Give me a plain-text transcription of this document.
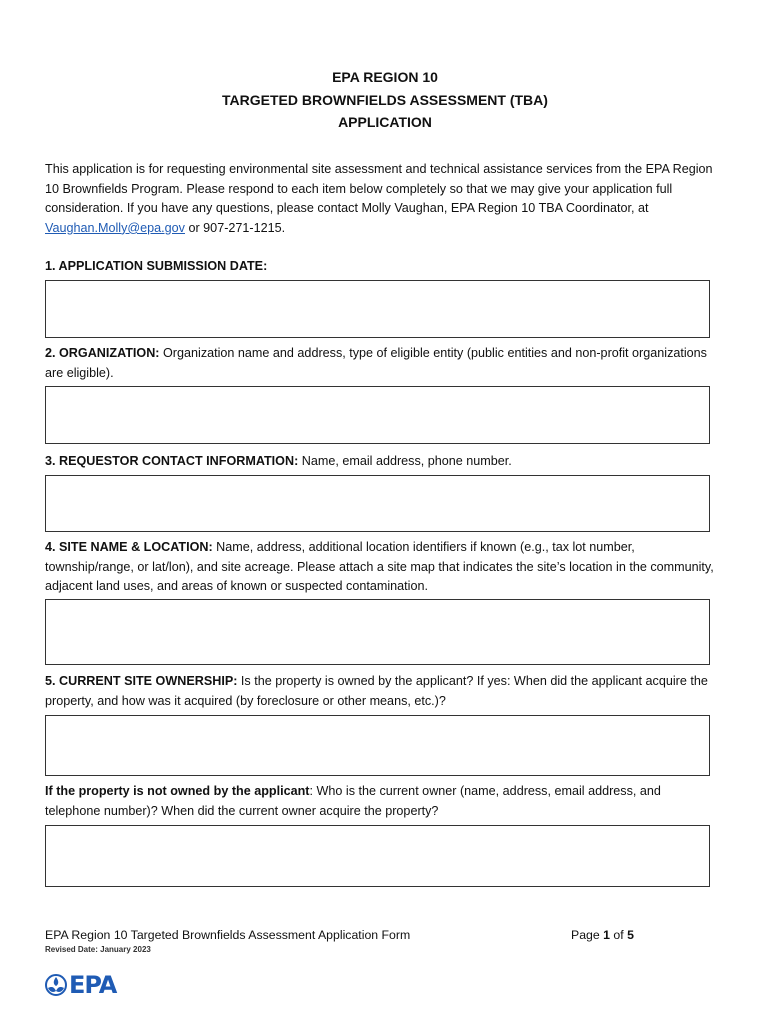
EPA REGION 10
TARGETED BROWNFIELDS ASSESSMENT (TBA)
APPLICATION
This application is for requesting environmental site assessment and technical assistance services from the EPA Region 10 Brownfields Program. Please respond to each item below completely so that we may give your application full consideration. If you have any questions, please contact Molly Vaughan, EPA Region 10 TBA Coordinator, at Vaughan.Molly@epa.gov or 907-271-1215.
1. APPLICATION SUBMISSION DATE:
2. ORGANIZATION: Organization name and address, type of eligible entity (public entities and non-profit organizations are eligible).
3. REQUESTOR CONTACT INFORMATION: Name, email address, phone number.
4. SITE NAME & LOCATION: Name, address, additional location identifiers if known (e.g., tax lot number, township/range, or lat/lon), and site acreage. Please attach a site map that indicates the site’s location in the community, adjacent land uses, and areas of known or suspected contamination.
5. CURRENT SITE OWNERSHIP: Is the property is owned by the applicant? If yes: When did the applicant acquire the property, and how was it acquired (by foreclosure or other means, etc.)?
If the property is not owned by the applicant: Who is the current owner (name, address, email address, and telephone number)? When did the current owner acquire the property?
EPA Region 10 Targeted Brownfields Assessment Application Form	Page 1 of 5
Revised Date: January 2023
EPA
